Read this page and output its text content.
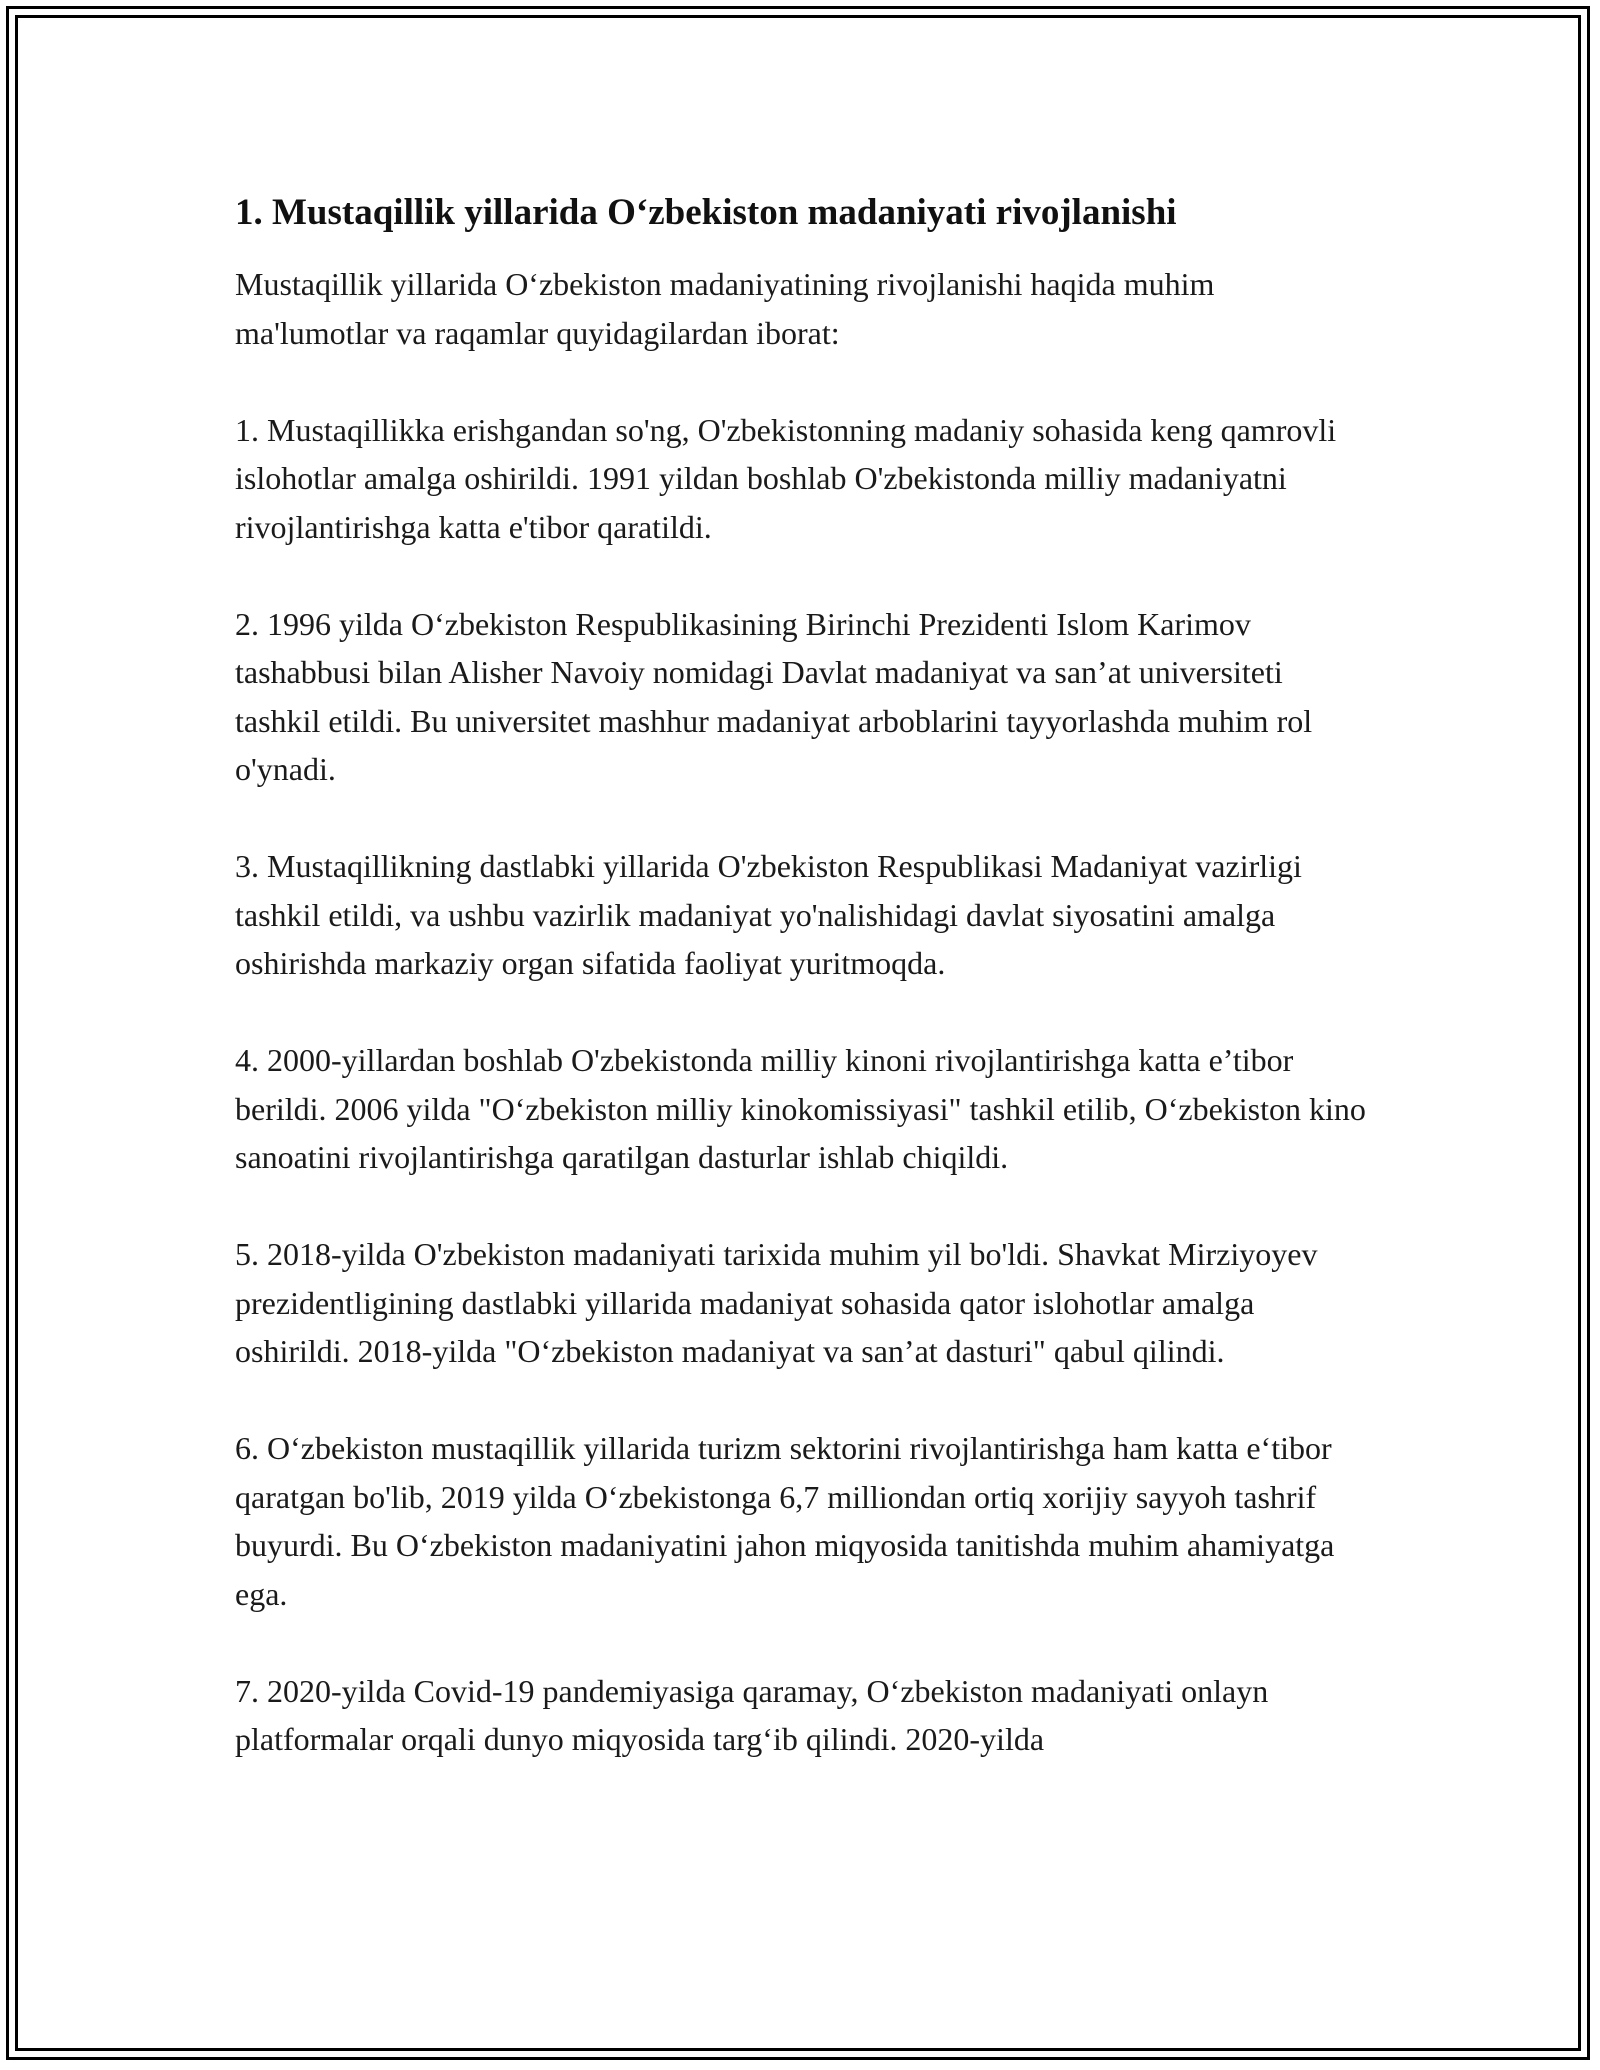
1. Mustaqillik yillarida O‘zbekiston madaniyati rivojlanishi

Mustaqillik yillarida O‘zbekiston madaniyatining rivojlanishi haqida muhim ma'lumotlar va raqamlar quyidagilardan iborat:

1. Mustaqillikka erishgandan so'ng, O'zbekistonning madaniy sohasida keng qamrovli islohotlar amalga oshirildi. 1991 yildan boshlab O'zbekistonda milliy madaniyatni rivojlantirishga katta e'tibor qaratildi.

2. 1996 yilda O‘zbekiston Respublikasining Birinchi Prezidenti Islom Karimov tashabbusi bilan Alisher Navoiy nomidagi Davlat madaniyat va san’at universiteti tashkil etildi. Bu universitet mashhur madaniyat arboblarini tayyorlashda muhim rol o'ynadi.

3. Mustaqillikning dastlabki yillarida O'zbekiston Respublikasi Madaniyat vazirligi tashkil etildi, va ushbu vazirlik madaniyat yo'nalishidagi davlat siyosatini amalga oshirishda markaziy organ sifatida faoliyat yuritmoqda.

4. 2000-yillardan boshlab O'zbekistonda milliy kinoni rivojlantirishga katta e’tibor berildi. 2006 yilda "O‘zbekiston milliy kinokomissiyasi" tashkil etilib, O‘zbekiston kino sanoatini rivojlantirishga qaratilgan dasturlar ishlab chiqildi.

5. 2018-yilda O'zbekiston madaniyati tarixida muhim yil bo'ldi. Shavkat Mirziyoyev prezidentligining dastlabki yillarida madaniyat sohasida qator islohotlar amalga oshirildi. 2018-yilda "O‘zbekiston madaniyat va san’at dasturi" qabul qilindi.

6. O‘zbekiston mustaqillik yillarida turizm sektorini rivojlantirishga ham katta e‘tibor qaratgan bo'lib, 2019 yilda O‘zbekistonga 6,7 milliondan ortiq xorijiy sayyoh tashrif buyurdi. Bu O‘zbekiston madaniyatini jahon miqyosida tanitishda muhim ahamiyatga ega.

7. 2020-yilda Covid-19 pandemiyasiga qaramay, O‘zbekiston madaniyati onlayn platformalar orqali dunyo miqyosida targ‘ib qilindi. 2020-yilda
